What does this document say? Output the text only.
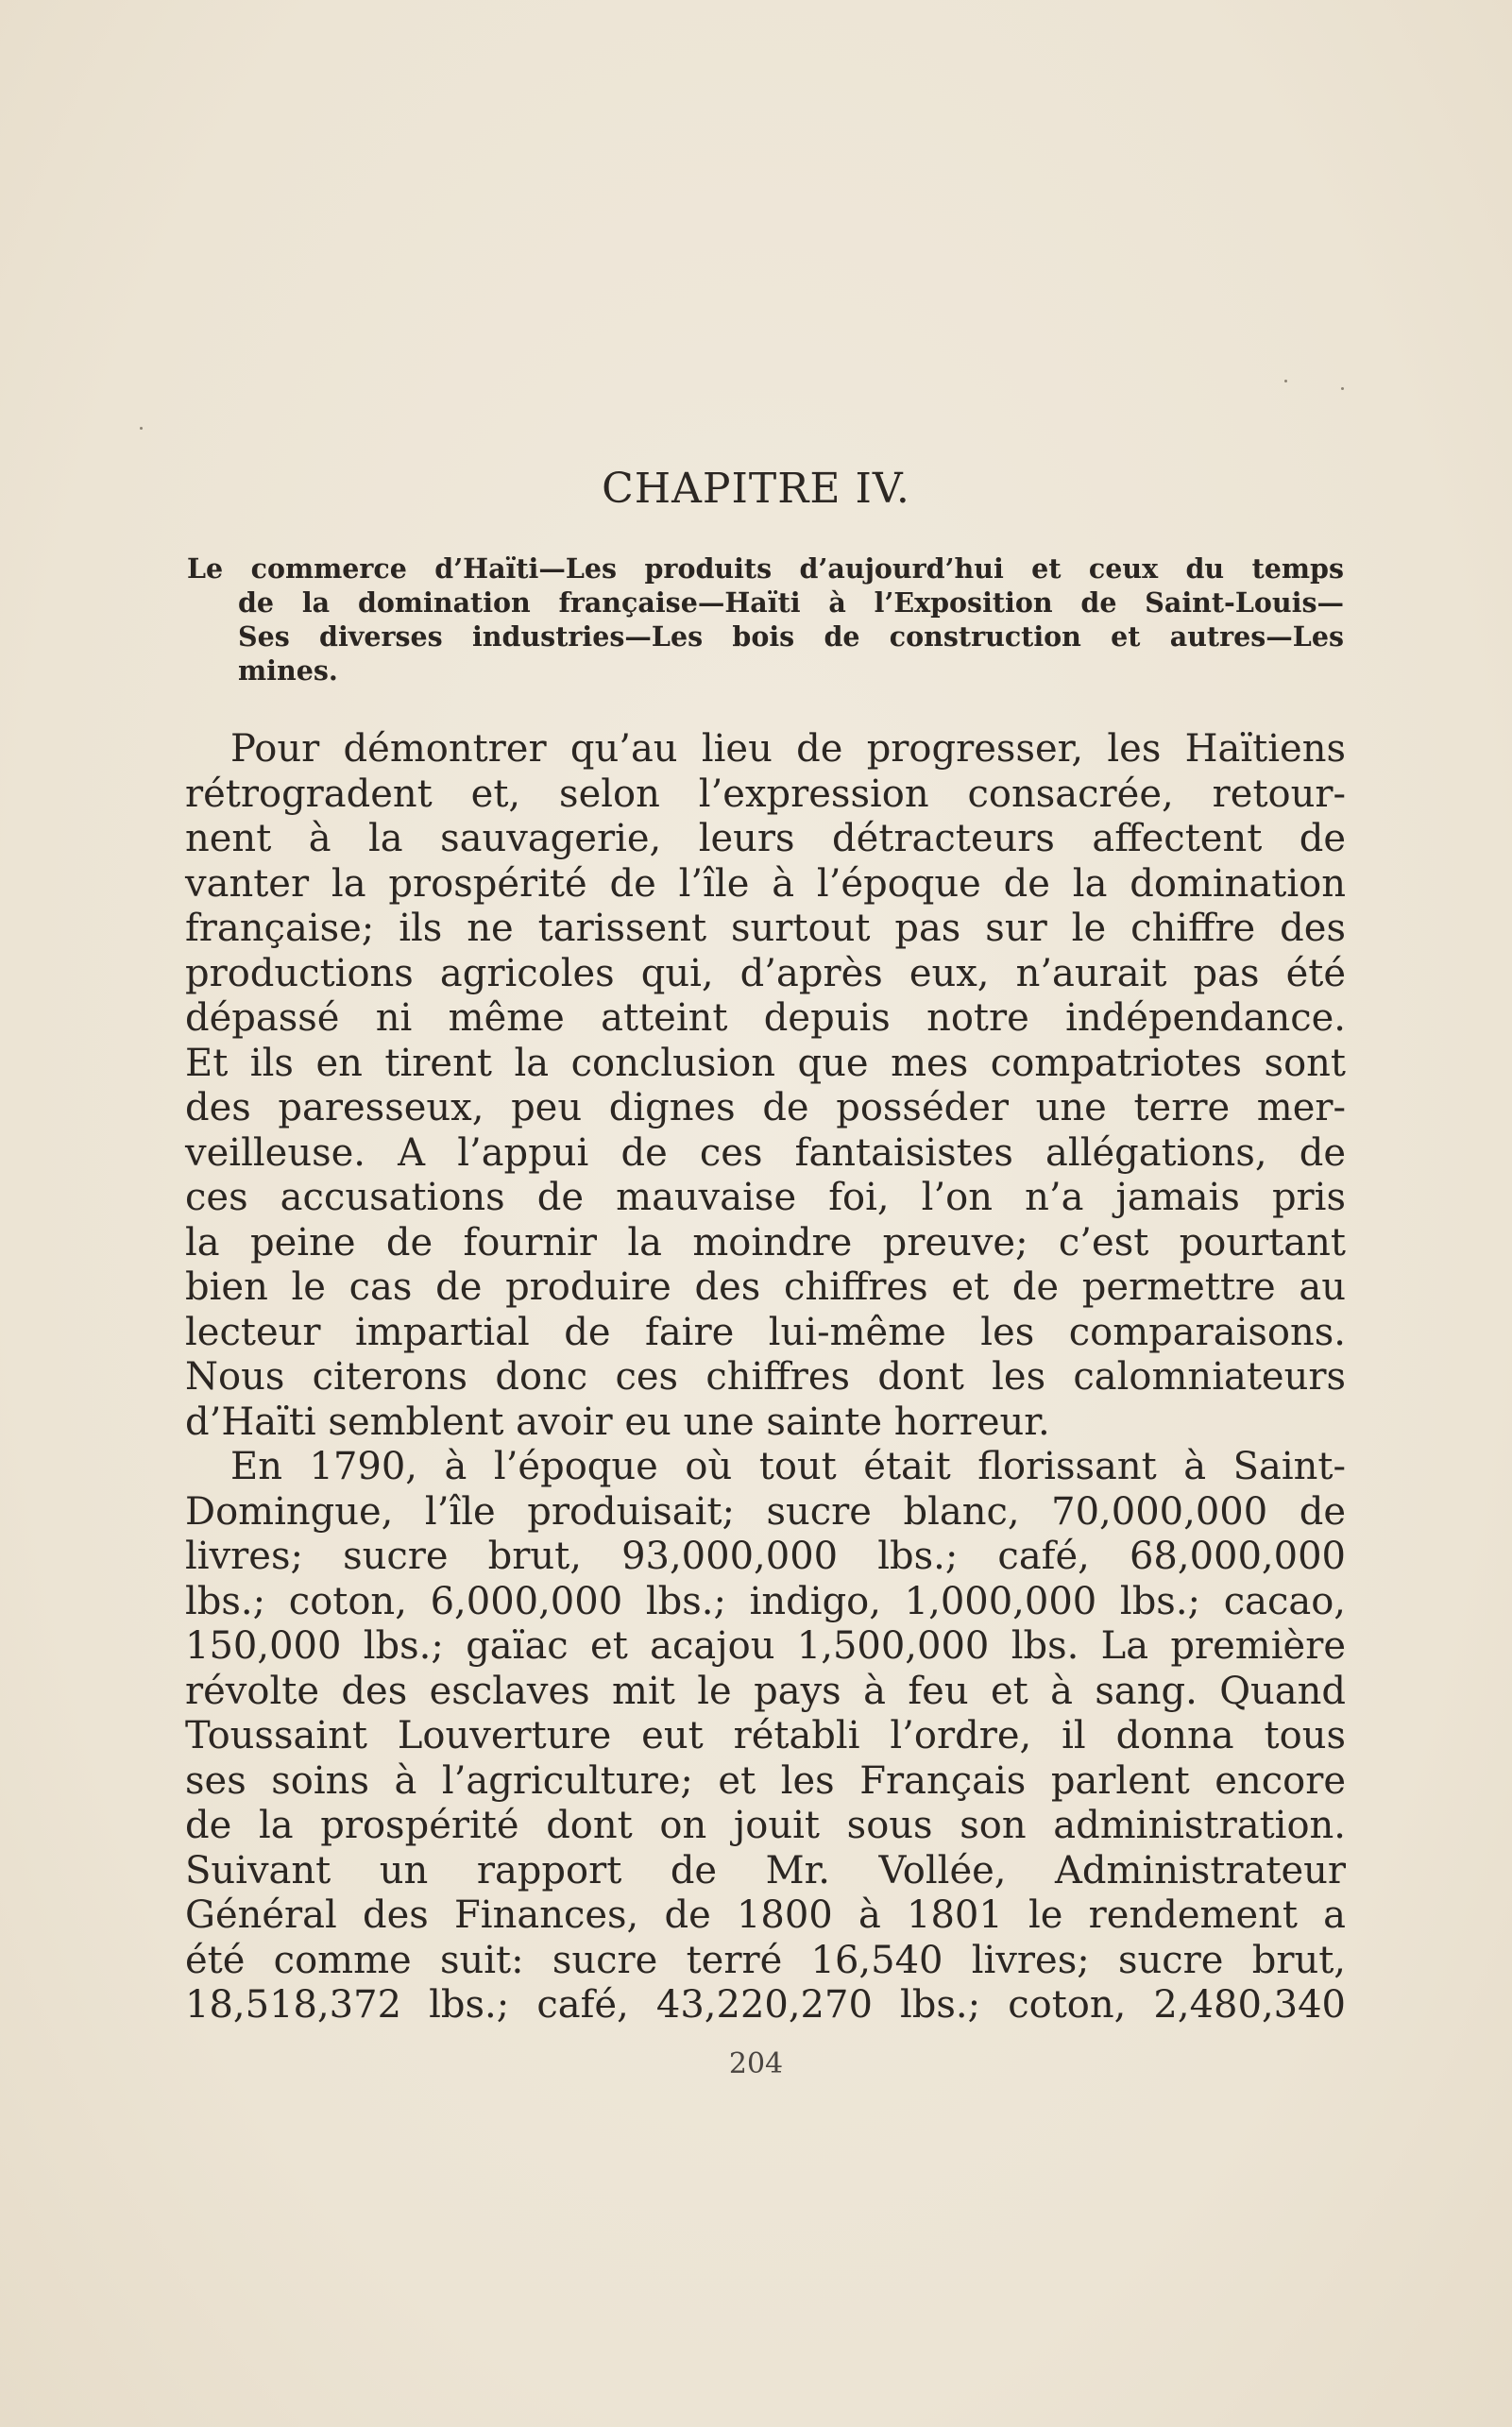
CHAPITRE IV.
Le commerce d’Haïti—Les produits d’aujourd’hui et ceux du temps
de la domination française—Haïti à l’Exposition de Saint-Louis—
Ses diverses industries—Les bois de construction et autres—Les
mines.
Pour démontrer qu’au lieu de progresser, les Haïtiens
rétrogradent et, selon l’expression consacrée, retour-
nent à la sauvagerie, leurs détracteurs affectent de
vanter la prospérité de l’île à l’époque de la domination
française; ils ne tarissent surtout pas sur le chiffre des
productions agricoles qui, d’après eux, n’aurait pas été
dépassé ni même atteint depuis notre indépendance.
Et ils en tirent la conclusion que mes compatriotes sont
des paresseux, peu dignes de posséder une terre mer-
veilleuse. A l’appui de ces fantaisistes allégations, de
ces accusations de mauvaise foi, l’on n’a jamais pris
la peine de fournir la moindre preuve; c’est pourtant
bien le cas de produire des chiffres et de permettre au
lecteur impartial de faire lui-même les comparaisons.
Nous citerons donc ces chiffres dont les calomniateurs
d’Haïti semblent avoir eu une sainte horreur.
En 1790, à l’époque où tout était florissant à Saint-
Domingue, l’île produisait; sucre blanc, 70,000,000 de
livres; sucre brut, 93,000,000 lbs.; café, 68,000,000
lbs.; coton, 6,000,000 lbs.; indigo, 1,000,000 lbs.; cacao,
150,000 lbs.; gaïac et acajou 1,500,000 lbs. La première
révolte des esclaves mit le pays à feu et à sang. Quand
Toussaint Louverture eut rétabli l’ordre, il donna tous
ses soins à l’agriculture; et les Français parlent encore
de la prospérité dont on jouit sous son administration.
Suivant un rapport de Mr. Vollée, Administrateur
Général des Finances, de 1800 à 1801 le rendement a
été comme suit: sucre terré 16,540 livres; sucre brut,
18,518,372 lbs.; café, 43,220,270 lbs.; coton, 2,480,340
204
